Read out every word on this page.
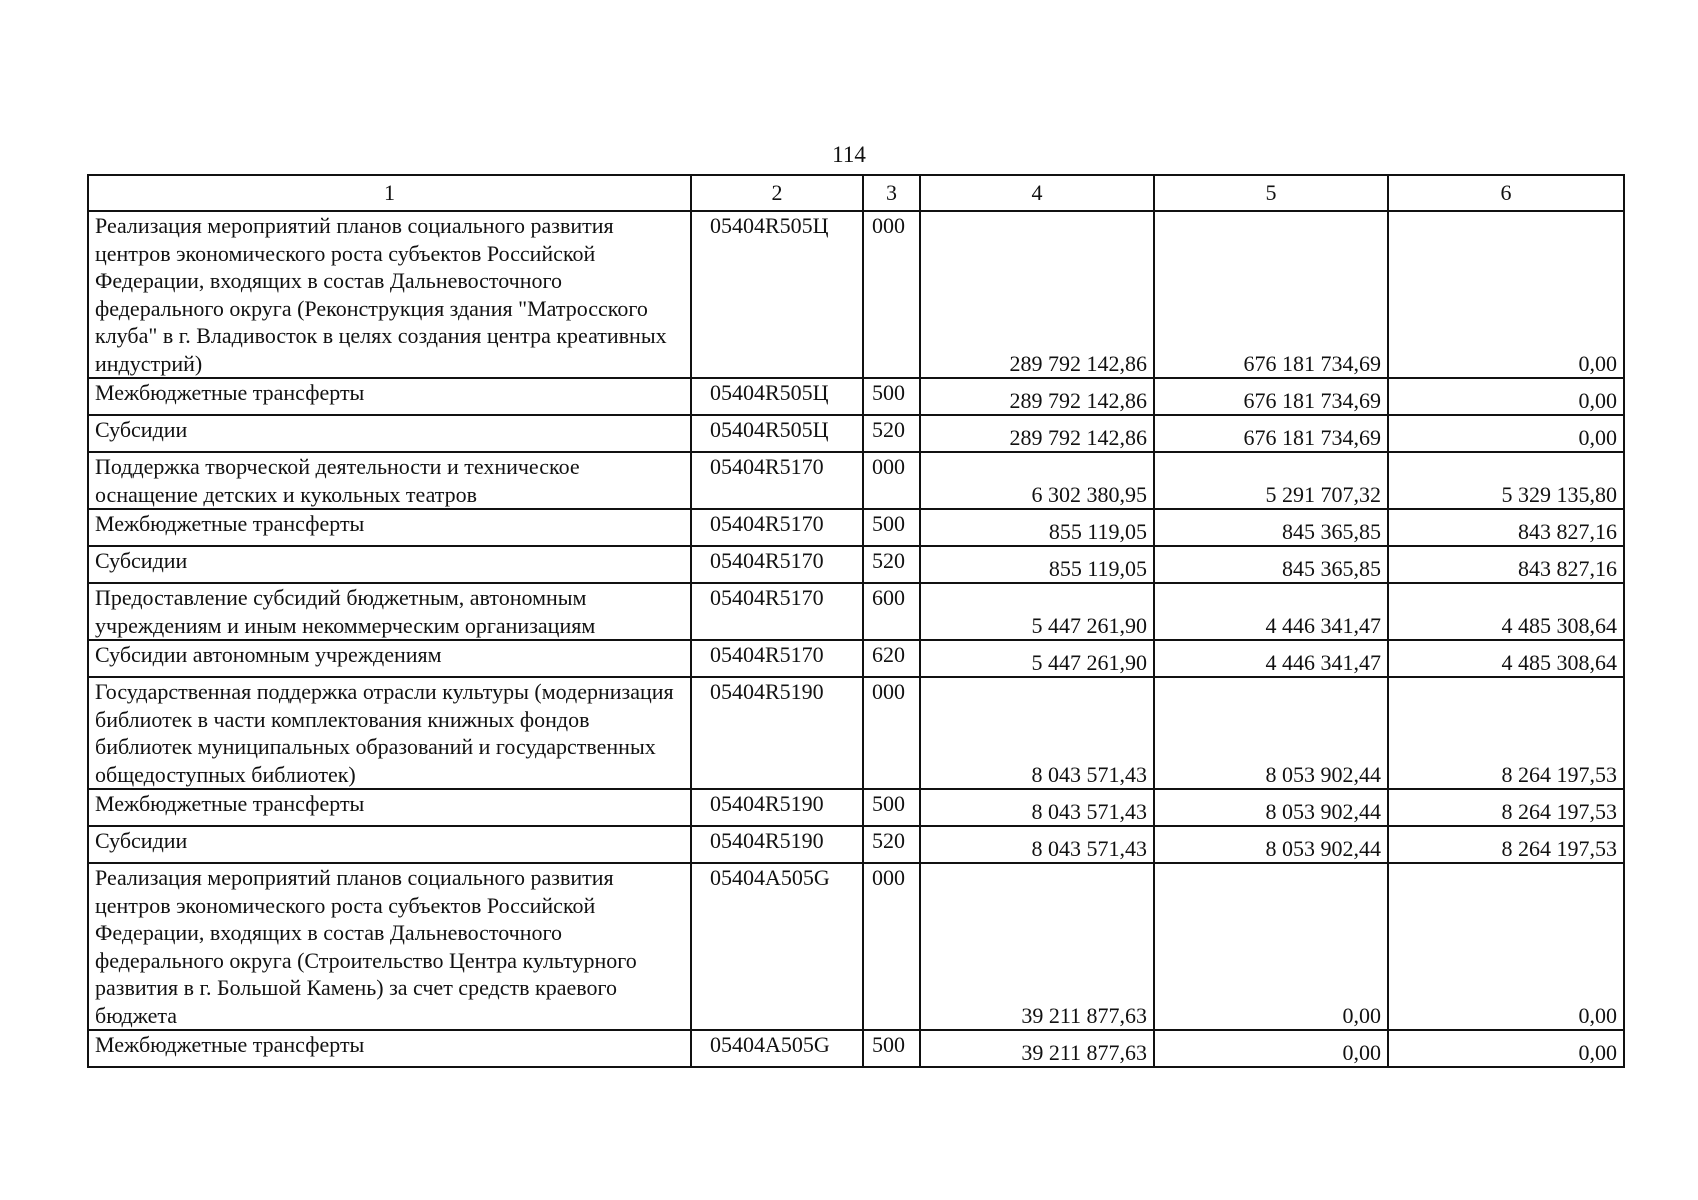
114
1	2	3	4	5	6
Реализация мероприятий планов социального развития центров экономического роста субъектов Российской Федерации, входящих в состав Дальневосточного федерального округа (Реконструкция здания "Матросского клуба" в г. Владивосток в целях создания центра креативных индустрий)	05404R505Ц	000	289 792 142,86	676 181 734,69	0,00
Межбюджетные трансферты	05404R505Ц	500	289 792 142,86	676 181 734,69	0,00
Субсидии	05404R505Ц	520	289 792 142,86	676 181 734,69	0,00
Поддержка творческой деятельности и техническое оснащение детских и кукольных театров	05404R5170	000	6 302 380,95	5 291 707,32	5 329 135,80
Межбюджетные трансферты	05404R5170	500	855 119,05	845 365,85	843 827,16
Субсидии	05404R5170	520	855 119,05	845 365,85	843 827,16
Предоставление субсидий бюджетным, автономным учреждениям и иным некоммерческим организациям	05404R5170	600	5 447 261,90	4 446 341,47	4 485 308,64
Субсидии автономным учреждениям	05404R5170	620	5 447 261,90	4 446 341,47	4 485 308,64
Государственная поддержка отрасли культуры (модернизация библиотек в части комплектования книжных фондов библиотек муниципальных образований и государственных общедоступных библиотек)	05404R5190	000	8 043 571,43	8 053 902,44	8 264 197,53
Межбюджетные трансферты	05404R5190	500	8 043 571,43	8 053 902,44	8 264 197,53
Субсидии	05404R5190	520	8 043 571,43	8 053 902,44	8 264 197,53
Реализация мероприятий планов социального развития центров экономического роста субъектов Российской Федерации, входящих в состав Дальневосточного федерального округа (Строительство Центра культурного развития в г. Большой Камень) за счет средств краевого бюджета	05404A505G	000	39 211 877,63	0,00	0,00
Межбюджетные трансферты	05404A505G	500	39 211 877,63	0,00	0,00
